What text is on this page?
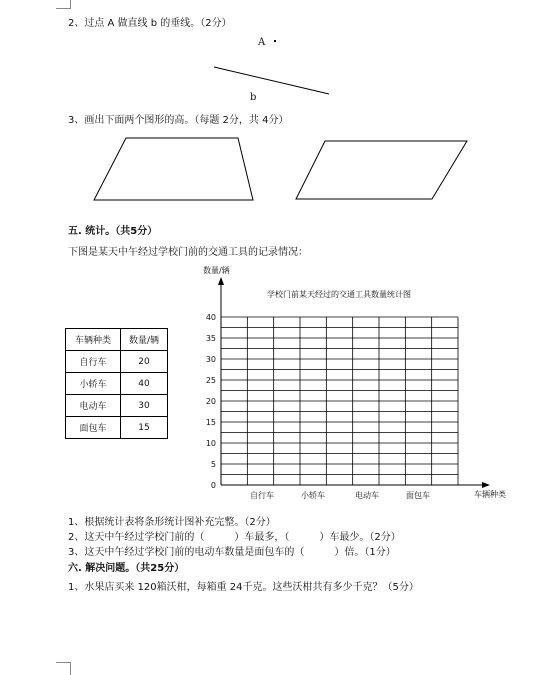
2、过点 A 做直线 b 的垂线。（2分）
A
b
3、画出下面两个图形的高。（每题 2分，共 4分）
五. 统计。（共5分）
下图是某天中午经过学校门前的交通工具的记录情况：
车辆种类	数量/辆
自行车	20
小轿车	40
电动车	30
面包车	15
数量/辆
学校门前某天经过的交通工具数量统计图
车辆种类
0
5
10
15
20
25
30
35
40
自行车	小轿车	电动车	面包车
1、根据统计表将条形统计图补充完整。（2分）
2、这天中午经过学校门前的（　　　）车最多，（　　　）车最少。（2分）
3、这天中午经过学校门前的电动车数量是面包车的（　　　）倍。（1分）
六. 解决问题。（共25分）
1、水果店买来 120箱沃柑，每箱重 24千克。这些沃柑共有多少千克？（5分）
